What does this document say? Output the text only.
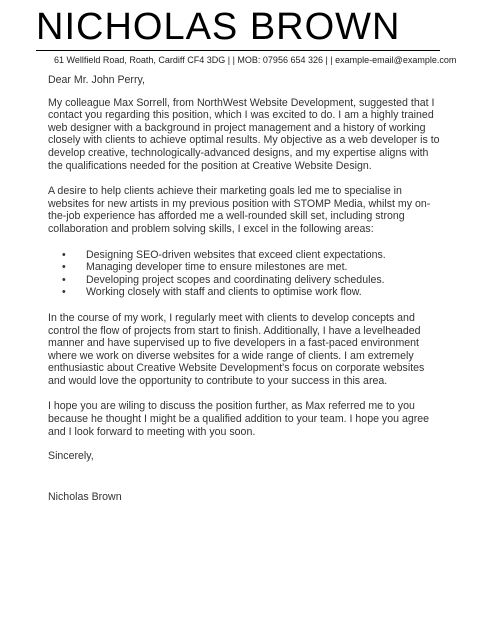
NICHOLAS BROWN
61 Wellfield Road, Roath, Cardiff CF4 3DG | | MOB: 07956 654 326 | | example-email@example.com

Dear Mr. John Perry,

My colleague Max Sorrell, from NorthWest Website Development, suggested that I contact you regarding this position, which I was excited to do. I am a highly trained web designer with a background in project management and a history of working closely with clients to achieve optimal results. My objective as a web developer is to develop creative, technologically-advanced designs, and my expertise aligns with the qualifications needed for the position at Creative Website Design.

A desire to help clients achieve their marketing goals led me to specialise in websites for new artists in my previous position with STOMP Media, whilst my on-the-job experience has afforded me a well-rounded skill set, including strong collaboration and problem solving skills, I excel in the following areas:

• Designing SEO-driven websites that exceed client expectations.
• Managing developer time to ensure milestones are met.
• Developing project scopes and coordinating delivery schedules.
• Working closely with staff and clients to optimise work flow.

In the course of my work, I regularly meet with clients to develop concepts and control the flow of projects from start to finish. Additionally, I have a levelheaded manner and have supervised up to five developers in a fast-paced environment where we work on diverse websites for a wide range of clients. I am extremely enthusiastic about Creative Website Development's focus on corporate websites and would love the opportunity to contribute to your success in this area.

I hope you are wiling to discuss the position further, as Max referred me to you because he thought I might be a qualified addition to your team. I hope you agree and I look forward to meeting with you soon.

Sincerely,

Nicholas Brown
